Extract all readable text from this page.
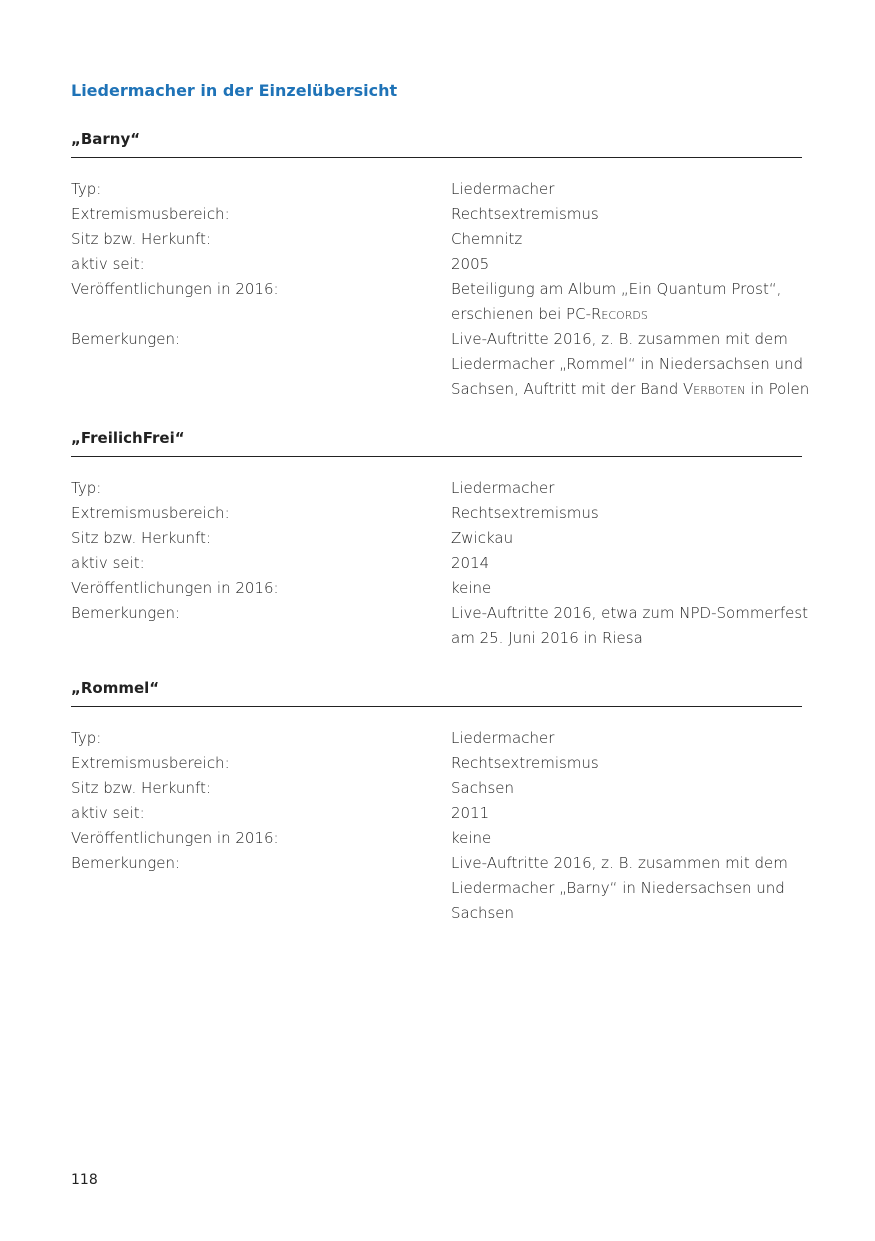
Liedermacher in der Einzelübersicht
„Barny“
Typ:	Liedermacher
Extremismusbereich:	Rechtsextremismus
Sitz bzw. Herkunft:	Chemnitz
aktiv seit:	2005
Veröffentlichungen in 2016:	Beteiligung am Album „Ein Quantum Prost“,
erschienen bei PC-Records
Bemerkungen:	Live-Auftritte 2016, z. B. zusammen mit dem
Liedermacher „Rommel“ in Niedersachsen und
Sachsen, Auftritt mit der Band Verboten in Polen
„FreilichFrei“
Typ:	Liedermacher
Extremismusbereich:	Rechtsextremismus
Sitz bzw. Herkunft:	Zwickau
aktiv seit:	2014
Veröffentlichungen in 2016:	keine
Bemerkungen:	Live-Auftritte 2016, etwa zum NPD-Sommerfest
am 25. Juni 2016 in Riesa
„Rommel“
Typ:	Liedermacher
Extremismusbereich:	Rechtsextremismus
Sitz bzw. Herkunft:	Sachsen
aktiv seit:	2011
Veröffentlichungen in 2016:	keine
Bemerkungen:	Live-Auftritte 2016, z. B. zusammen mit dem
Liedermacher „Barny“ in Niedersachsen und
Sachsen
118
